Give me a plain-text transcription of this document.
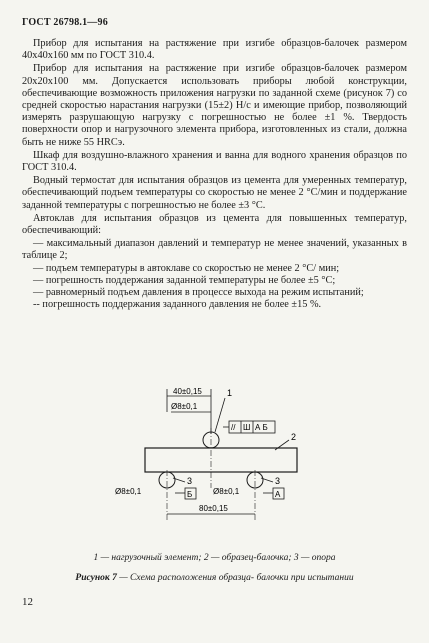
ГОСТ 26798.1—96

Прибор для испытания на растяжение при изгибе образцов-балочек размером 40х40х160 мм по ГОСТ 310.4.

Прибор для испытания на растяжение при изгибе образцов-балочек размером 20х20х100 мм. Допускается использовать приборы любой конструкции, обеспечивающие возможность приложения нагрузки по заданной схеме (рисунок 7) со средней скоростью нарастания нагрузки (15±2) Н/с и имеющие прибор, позволяющий измерять разрушающую нагрузку с погрешностью не более ±1 %. Твердость поверхности опор и нагрузочного элемента прибора, изготовленных из стали, должна быть не ниже 55 HRCэ.

Шкаф для воздушно-влажного хранения и ванна для водного хранения образцов по ГОСТ 310.4.

Водный термостат для испытания образцов из цемента для умеренных температур, обеспечивающий подъем температуры со скоростью не менее 2 °С/мин и поддержание заданной температуры с погрешностью не более ±3 °С.

Автоклав для испытания образцов из цемента для повышенных температур, обеспечивающий:

— максимальный диапазон давлений и температур не менее значений, указанных в таблице 2;

— подъем температуры в автоклаве со скоростью не менее 2 °С/ мин;

— погрешность поддержания заданной температуры не более ±5 °С;

— равномерный подъем давления в процессе выхода на режим испытаний;

-- погрешность поддержания заданного давления не более ±15 %.

40±0,15	1
Ø8±0,1
// Ш А Б
2
Ø8±0,1
3
Б	Ø8±0,1
3
А
80±0,15
1 — нагрузочный элемент; 2 — образец-балочка; 3 — опора
Рисунок 7 — Схема расположения образца- балочки при испытании
12
